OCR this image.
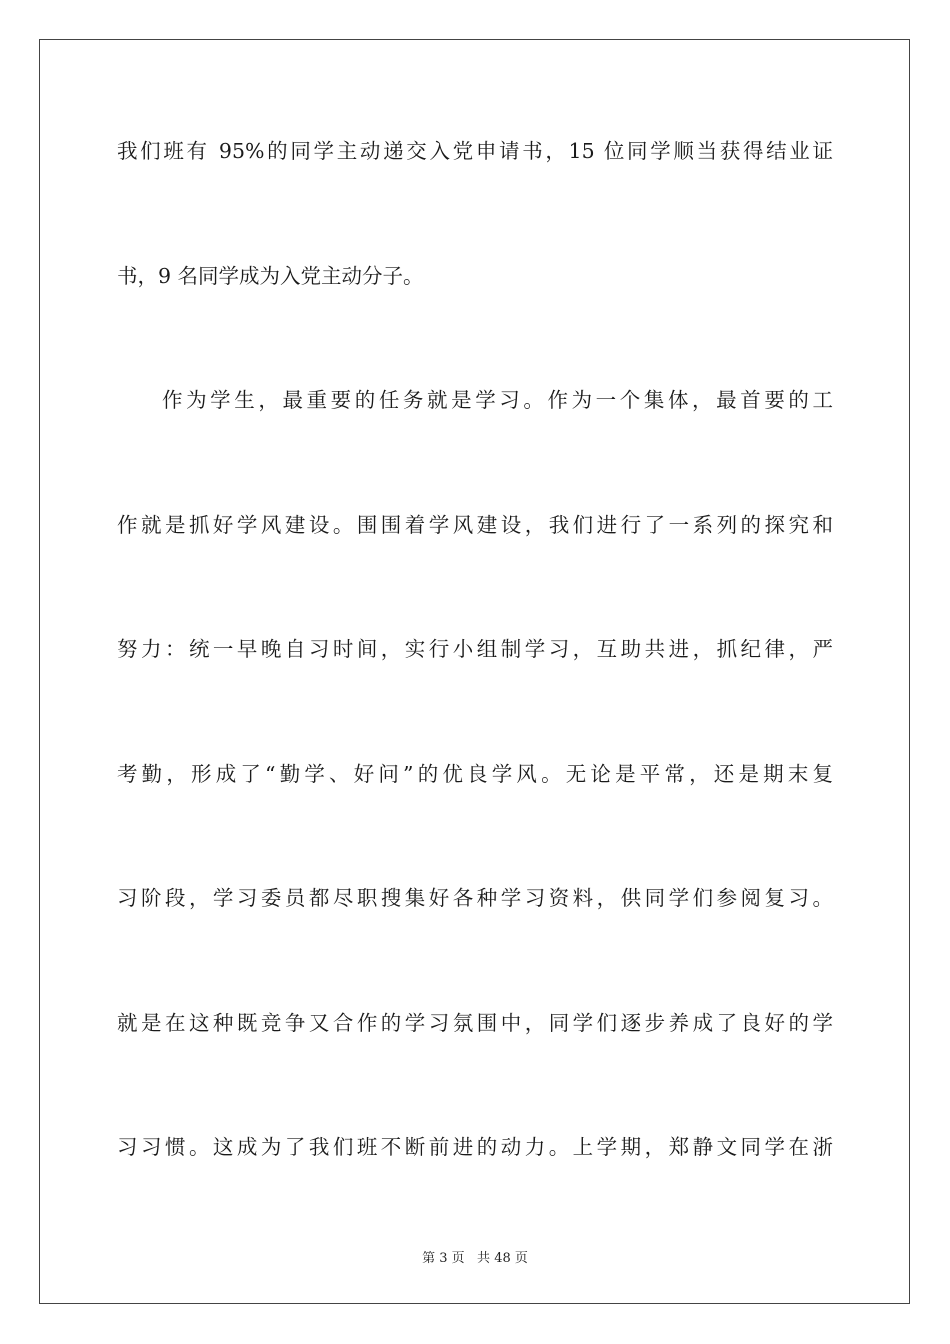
我们班有 95%的同学主动递交入党申请书，15 位同学顺当获得结业证
书，9 名同学成为入党主动分子。
作为学生，最重要的任务就是学习。作为一个集体，最首要的工
作就是抓好学风建设。围围着学风建设，我们进行了一系列的探究和
努力：统一早晚自习时间，实行小组制学习，互助共进，抓纪律，严
考勤，形成了“勤学、好问”的优良学风。无论是平常，还是期末复
习阶段，学习委员都尽职搜集好各种学习资料，供同学们参阅复习。
就是在这种既竞争又合作的学习氛围中，同学们逐步养成了良好的学
习习惯。这成为了我们班不断前进的动力。上学期，郑静文同学在浙
第 3 页   共 48 页
